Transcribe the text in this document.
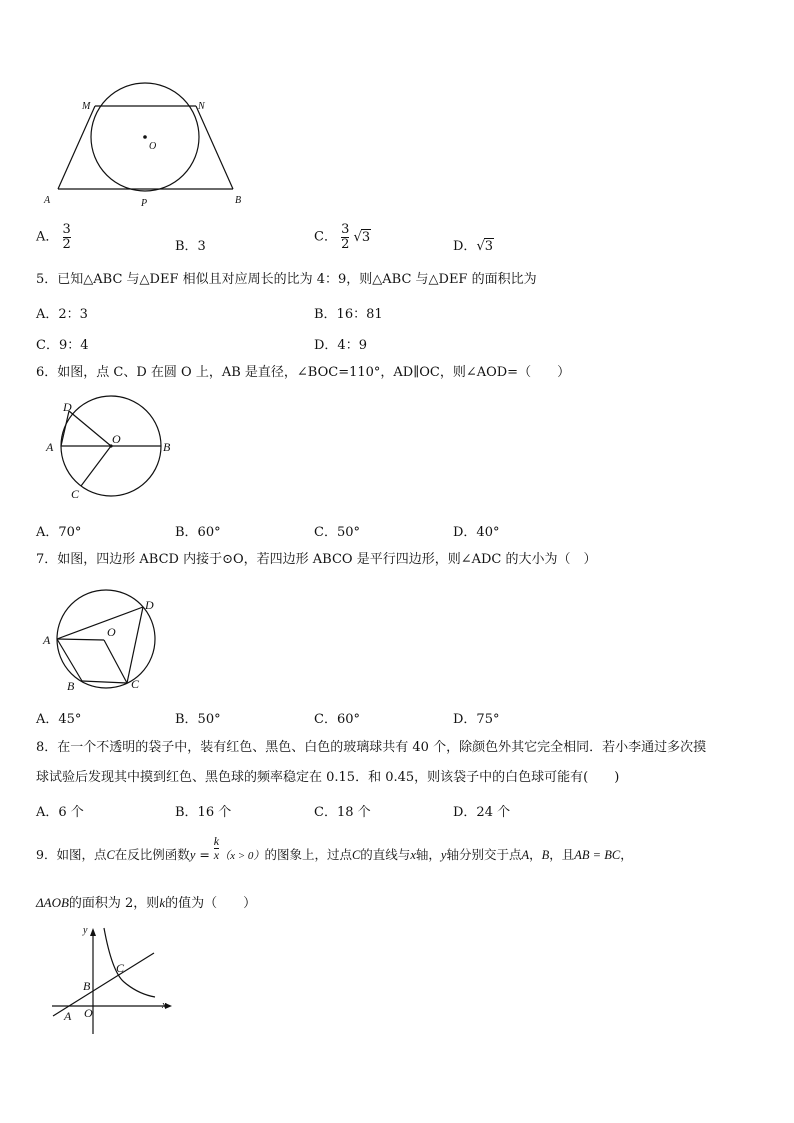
M	N
O
A	P	B
A． $\frac{3}{2}$	B．3
C． $\frac{3}{2} √3$
D．√3
5．已知△ABC 与△DEF 相似且对应周长的比为 4：9，则△ABC 与△DEF 的面积比为
A．2：3	B．16：81
C．9：4	D．4：9
6．如图，点 C、D 在圆 O 上，AB 是直径，∠BOC=110°，AD∥OC，则∠AOD=（　　）
D
A
O
B
C
A．70°	B．60°	C．50°	D．40°
7．如图，四边形 ABCD 内接于⊙O，若四边形 ABCO 是平行四边形，则∠ADC 的大小为（　）
D
A
O
B	C
A．45°	B．50°	C．60°	D．75°
8．在一个不透明的袋子中，装有红色、黑色、白色的玻璃球共有 40 个，除颜色外其它完全相同．若小李通过多次摸
球试验后发现其中摸到红色、黑色球的频率稳定在 0.15．和 0.45，则该袋子中的白色球可能有(　　)
A．6 个	B．16 个	C．18 个	D．24 个
9．如图，点C在反比例函数$y = \frac{k}{x} (x > 0)$的图象上，过点C的直线与x轴，y轴分别交于点A，B，且AB = BC，
ΔAOB的面积为 2，则k的值为（　　）
y
x
C
B
A O
